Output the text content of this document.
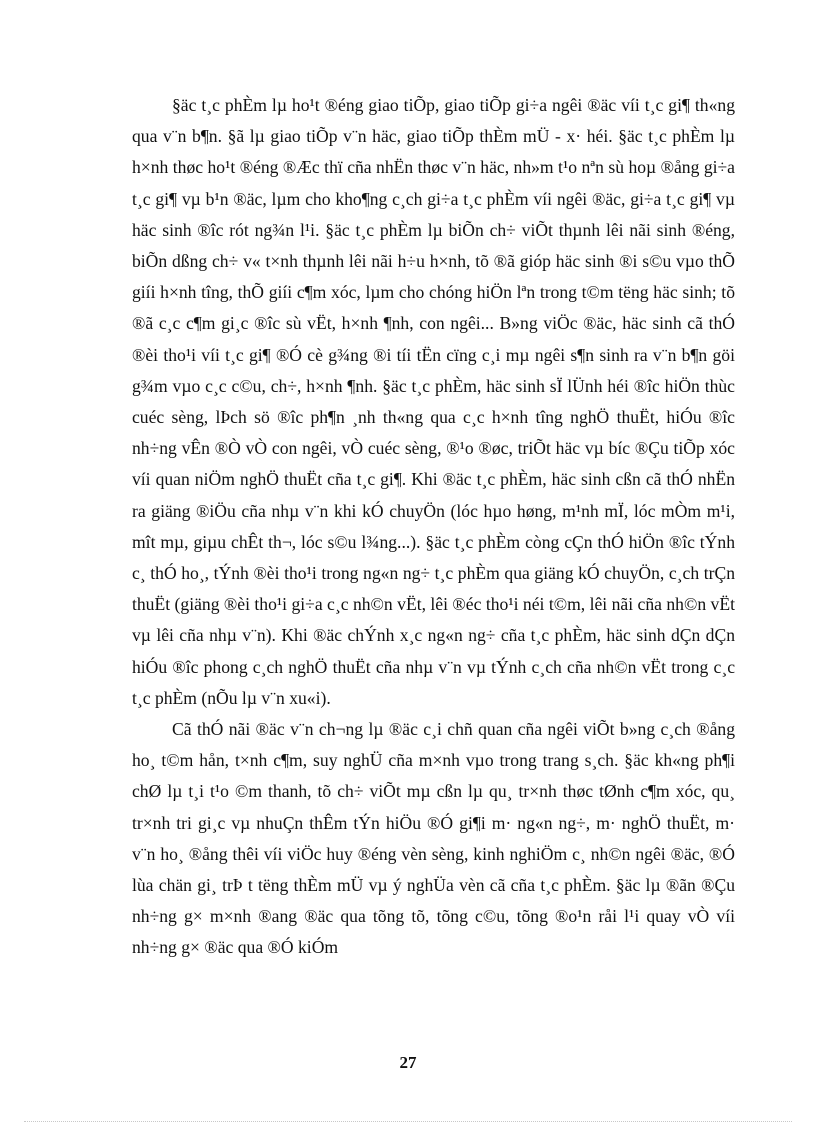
§äc t¸c phÈm lµ ho¹t ®éng giao tiÕp, giao tiÕp gi÷a ngêi ®äc víi t¸c gi¶ th«ng qua v¨n b¶n. §ã lµ giao tiÕp v¨n häc, giao tiÕp thÈm mÜ - x· héi. §äc t¸c phÈm lµ h×nh thøc ho¹t ®éng ®Æc thï cña nhËn thøc v¨n häc, nh»m t¹o nªn sù hoµ ®ång gi÷a t¸c gi¶ vµ b¹n ®äc, lµm cho kho¶ng c¸ch gi÷a t¸c phÈm víi ngêi ®äc, gi÷a t¸c gi¶ vµ häc sinh ®îc rót ng¾n l¹i. §äc t¸c phÈm lµ biÕn ch÷ viÕt thµnh lêi nãi sinh ®éng, biÕn dßng ch÷ v« t×nh thµnh lêi nãi h÷u h×nh, tõ ®ã gióp häc sinh ®i s©u vµo thÕ giíi h×nh tîng, thÕ giíi c¶m xóc, lµm cho chóng hiÖn lªn trong t©m tëng häc sinh; tõ ®ã c¸c c¶m gi¸c ®îc sù vËt, h×nh ¶nh, con ngêi... B»ng viÖc ®äc, häc sinh cã thÓ ®èi tho¹i víi t¸c gi¶ ®Ó cè g¾ng ®i tíi tËn cïng c¸i mµ ngêi s¶n sinh ra v¨n b¶n göi g¾m vµo c¸c c©u, ch÷, h×nh ¶nh. §äc t¸c phÈm, häc sinh sÏ lÜnh héi ®îc hiÖn thùc cuéc sèng, lÞch sö ®îc ph¶n ¸nh th«ng qua c¸c h×nh tîng nghÖ thuËt, hiÓu ®îc nh÷ng vÊn ®Ò vÒ con ngêi, vÒ cuéc sèng, ®¹o ®øc, triÕt häc vµ bíc ®Çu tiÕp xóc víi quan niÖm nghÖ thuËt cña t¸c gi¶. Khi ®äc t¸c phÈm, häc sinh cßn cã thÓ nhËn ra giäng ®iÖu cña nhµ v¨n khi kÓ chuyÖn (lóc hµo høng, m¹nh mÏ, lóc mÒm m¹i, mît mµ, giµu chÊt th¬, lóc s©u l¾ng...). §äc t¸c phÈm còng cÇn thÓ hiÖn ®îc tÝnh c¸ thÓ ho¸, tÝnh ®èi tho¹i trong ng«n ng÷ t¸c phÈm qua giäng kÓ chuyÖn, c¸ch trÇn thuËt (giäng ®èi tho¹i gi÷a c¸c nh©n vËt, lêi ®éc tho¹i néi t©m, lêi nãi cña nh©n vËt vµ lêi cña nhµ v¨n). Khi ®äc chÝnh x¸c ng«n ng÷ cña t¸c phÈm, häc sinh dÇn dÇn hiÓu ®îc phong c¸ch nghÖ thuËt cña nhµ v¨n vµ tÝnh c¸ch cña nh©n vËt trong c¸c t¸c phÈm (nÕu lµ v¨n xu«i).

Cã thÓ nãi ®äc v¨n ch¬ng lµ ®äc c¸i chñ quan cña ngêi viÕt b»ng c¸ch ®ång ho¸ t©m hån, t×nh c¶m, suy nghÜ cña m×nh vµo trong trang s¸ch. §äc kh«ng ph¶i chØ lµ t¸i t¹o ©m thanh, tõ ch÷ viÕt mµ cßn lµ qu¸ tr×nh thøc tØnh c¶m xóc, qu¸ tr×nh tri gi¸c vµ nhuÇn thÊm tÝn hiÖu ®Ó gi¶i m· ng«n ng÷, m· nghÖ thuËt, m· v¨n ho¸ ®ång thêi víi viÖc huy ®éng vèn sèng, kinh nghiÖm c¸ nh©n ngêi ®äc, ®Ó lùa chän gi¸ trÞ t tëng thÈm mÜ vµ ý nghÜa vèn cã cña t¸c phÈm. §äc lµ ®ãn ®Çu nh÷ng g× m×nh ®ang ®äc qua tõng tõ, tõng c©u, tõng ®o¹n råi l¹i quay vÒ víi nh÷ng g× ®äc qua ®Ó kiÓm

27
